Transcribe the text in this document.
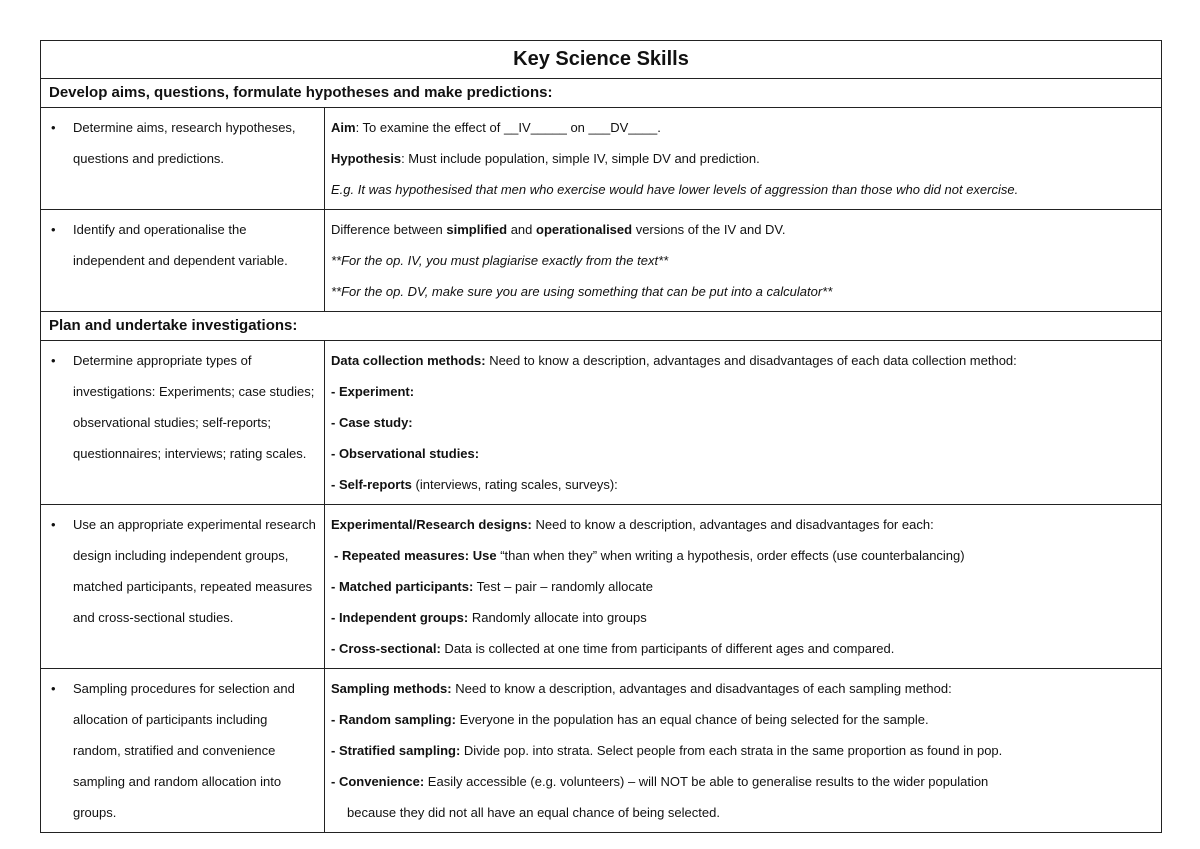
Key Science Skills
Develop aims, questions, formulate hypotheses and make predictions:
•	Determine aims, research hypotheses, questions and predictions.
Aim: To examine the effect of __IV_____ on ___DV____.
Hypothesis: Must include population, simple IV, simple DV and prediction.
E.g. It was hypothesised that men who exercise would have lower levels of aggression than those who did not exercise.
•	Identify and operationalise the independent and dependent variable.
Difference between simplified and operationalised versions of the IV and DV.
**For the op. IV, you must plagiarise exactly from the text**
**For the op. DV, make sure you are using something that can be put into a calculator**
Plan and undertake investigations:
•	Determine appropriate types of investigations: Experiments; case studies; observational studies; self-reports; questionnaires; interviews; rating scales.
Data collection methods: Need to know a description, advantages and disadvantages of each data collection method:
- Experiment:
- Case study:
- Observational studies:
- Self-reports (interviews, rating scales, surveys):
•	Use an appropriate experimental research design including independent groups, matched participants, repeated measures and cross-sectional studies.
Experimental/Research designs: Need to know a description, advantages and disadvantages for each:
- Repeated measures: Use “than when they” when writing a hypothesis, order effects (use counterbalancing)
- Matched participants: Test – pair – randomly allocate
- Independent groups: Randomly allocate into groups
- Cross-sectional: Data is collected at one time from participants of different ages and compared.
•	Sampling procedures for selection and allocation of participants including random, stratified and convenience sampling and random allocation into groups.
Sampling methods: Need to know a description, advantages and disadvantages of each sampling method:
- Random sampling: Everyone in the population has an equal chance of being selected for the sample.
- Stratified sampling: Divide pop. into strata. Select people from each strata in the same proportion as found in pop.
- Convenience: Easily accessible (e.g. volunteers) – will NOT be able to generalise results to the wider population
because they did not all have an equal chance of being selected.
